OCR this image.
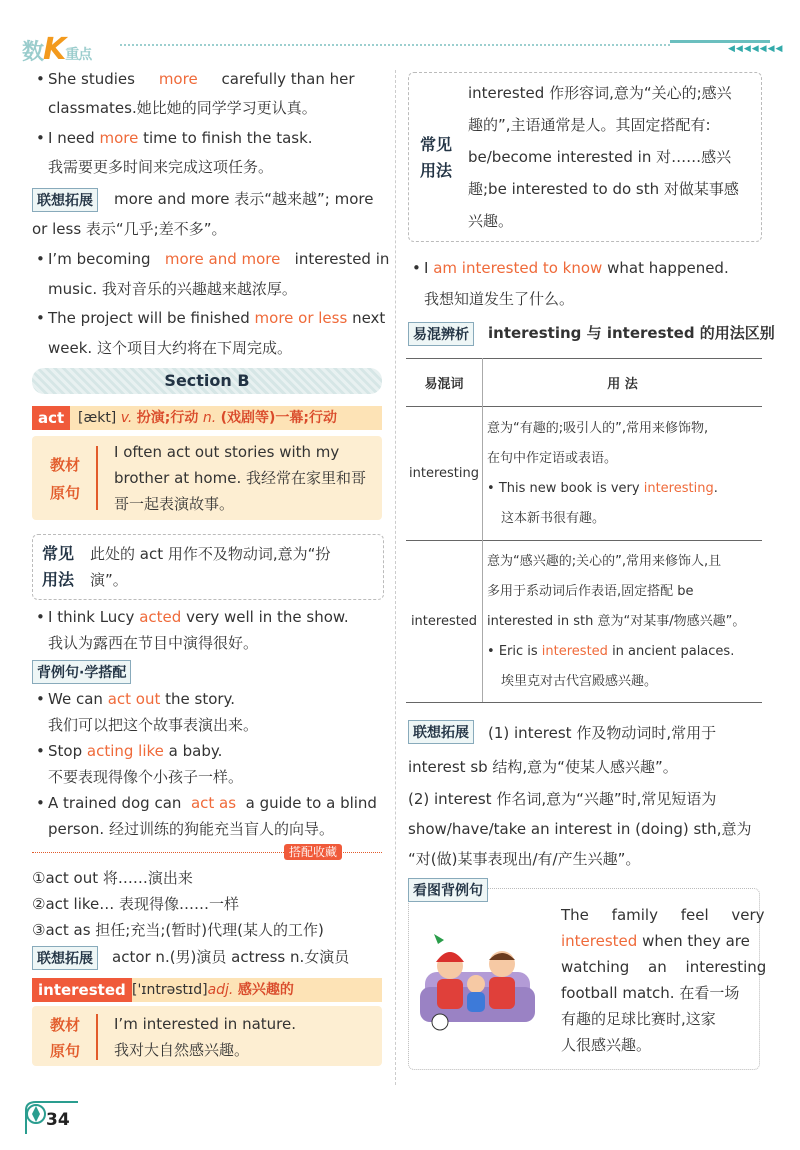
数K重点	◀◀◀◀◀◀◀
• She studies more carefully than her
classmates.她比她的同学学习更认真。
• I need more time to finish the task.
我需要更多时间来完成这项任务。
联想拓展	more and more 表示“越来越”; more
or less 表示“几乎;差不多”。
• I’m becoming more and more interested in
music. 我对音乐的兴趣越来越浓厚。
• The project will be finished more or less next
week. 这个项目大约将在下周完成。
Section B
act [ækt] v. 扮演;行动 n. (戏剧等)一幕;行动
教材
原句
I often act out stories with my
brother at home. 我经常在家里和哥
哥一起表演故事。
常见
用法
此处的 act 用作不及物动词,意为“扮
演”。
• I think Lucy acted very well in the show.
我认为露西在节目中演得很好。
背例句·学搭配
• We can act out the story.
我们可以把这个故事表演出来。
• Stop acting like a baby.
不要表现得像个小孩子一样。
• A trained dog can act as a guide to a blind
person. 经过训练的狗能充当盲人的向导。
搭配收藏
①act out 将……演出来
②act like… 表现得像……一样
③act as 担任;充当;(暂时)代理(某人的工作)
联想拓展	actor n.(男)演员 actress n.女演员
interested ['ɪntrəstɪd]adj. 感兴趣的
教材
原句
I’m interested in nature.
我对大自然感兴趣。
常见
用法
interested 作形容词,意为“关心的;感兴
趣的”,主语通常是人。其固定搭配有:
be/become interested in 对……感兴
趣;be interested to do sth 对做某事感
兴趣。
• I am interested to know what happened.
我想知道发生了什么。
易混辨析	interesting 与 interested 的用法区别
易混词	用 法
interesting	意为“有趣的;吸引人的”,常用来修饰物,
在句中作定语或表语。
• This new book is very interesting.
这本新书很有趣。

interested	意为“感兴趣的;关心的”,常用来修饰人,且
多用于系动词后作表语,固定搭配 be
interested in sth 意为“对某事/物感兴趣”。
• Eric is interested in ancient palaces.
埃里克对古代宫殿感兴趣。
联想拓展	(1) interest 作及物动词时,常用于
interest sb 结构,意为“使某人感兴趣”。
(2) interest 作名词,意为“兴趣”时,常见短语为
show/have/take an interest in (doing) sth,意为
“对(做)某事表现出/有/产生兴趣”。
看图背例句
The family feel very
interested when they are
watching an interesting
football match. 在看一场
有趣的足球比赛时,这家
人很感兴趣。
34
